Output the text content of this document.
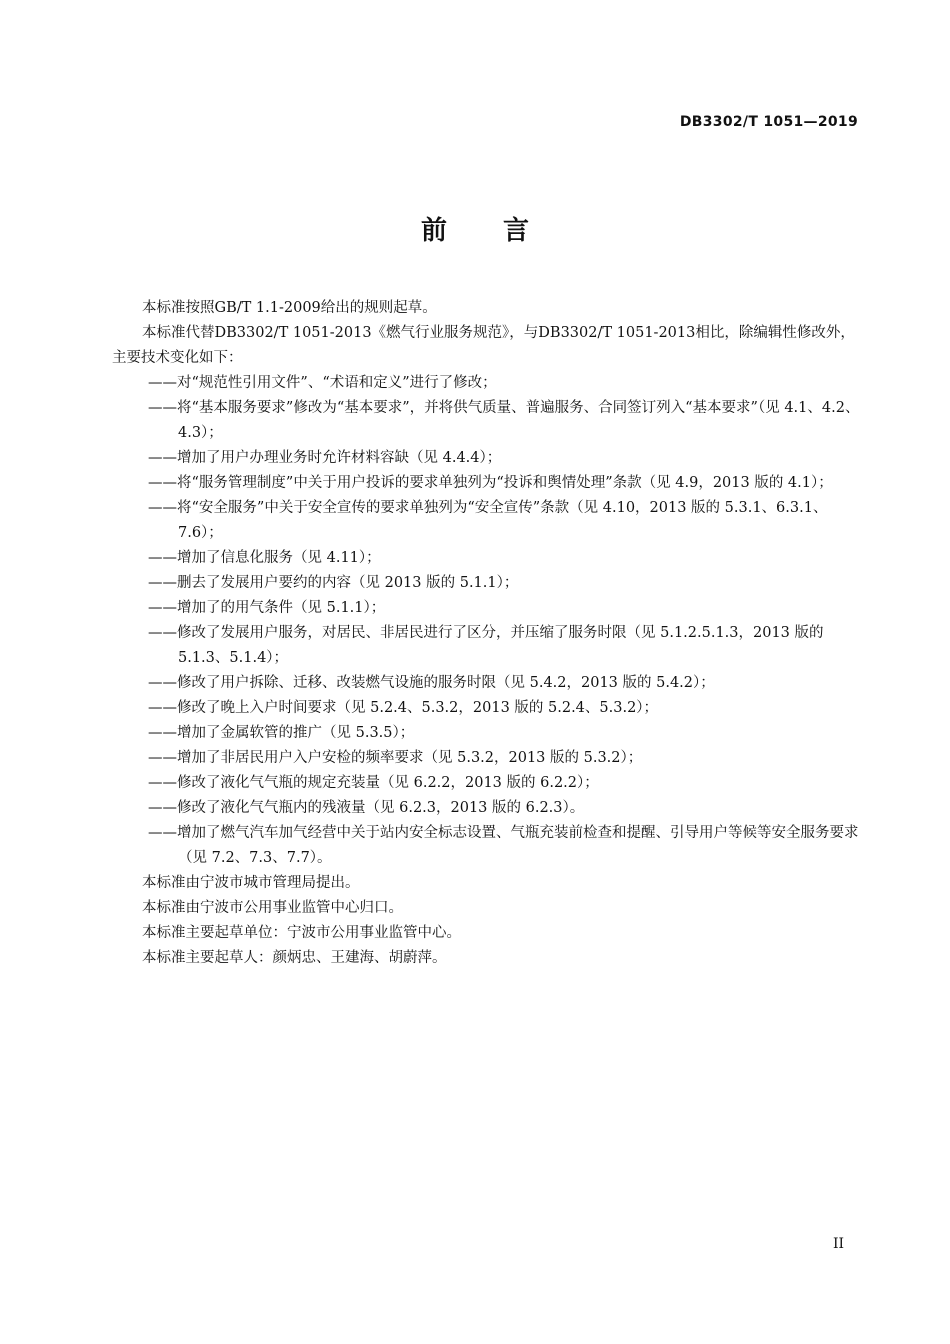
DB3302/T 1051—2019
前言

本标准按照GB/T 1.1-2009给出的规则起草。

本标准代替DB3302/T 1051-2013《燃气行业服务规范》，与DB3302/T 1051-2013相比，除编辑性修改外，主要技术变化如下：

——对“规范性引用文件”、“术语和定义”进行了修改；

——将“基本服务要求”修改为“基本要求”，并将供气质量、普遍服务、合同签订列入“基本要求”（见 4.1、4.2、4.3）；

——增加了用户办理业务时允许材料容缺（见 4.4.4）；

——将“服务管理制度”中关于用户投诉的要求单独列为“投诉和舆情处理”条款（见 4.9，2013 版的 4.1）；

——将“安全服务”中关于安全宣传的要求单独列为“安全宣传”条款（见 4.10，2013 版的 5.3.1、6.3.1、7.6）；

——增加了信息化服务（见 4.11）；

——删去了发展用户要约的内容（见 2013 版的 5.1.1）；

——增加了的用气条件（见 5.1.1）；

——修改了发展用户服务，对居民、非居民进行了区分，并压缩了服务时限（见 5.1.2.5.1.3，2013 版的 5.1.3、5.1.4）；

——修改了用户拆除、迁移、改装燃气设施的服务时限（见 5.4.2，2013 版的 5.4.2）；

——修改了晚上入户时间要求（见 5.2.4、5.3.2，2013 版的 5.2.4、5.3.2）；

——增加了金属软管的推广（见 5.3.5）；

——增加了非居民用户入户安检的频率要求（见 5.3.2，2013 版的 5.3.2）；

——修改了液化气气瓶的规定充装量（见 6.2.2，2013 版的 6.2.2）；

——修改了液化气气瓶内的残液量（见 6.2.3，2013 版的 6.2.3）。

——增加了燃气汽车加气经营中关于站内安全标志设置、气瓶充装前检查和提醒、引导用户等候等安全服务要求（见 7.2、7.3、7.7）。

本标准由宁波市城市管理局提出。

本标准由宁波市公用事业监管中心归口。

本标准主要起草单位：宁波市公用事业监管中心。

本标准主要起草人：颜炳忠、王建海、胡蔚萍。

II
